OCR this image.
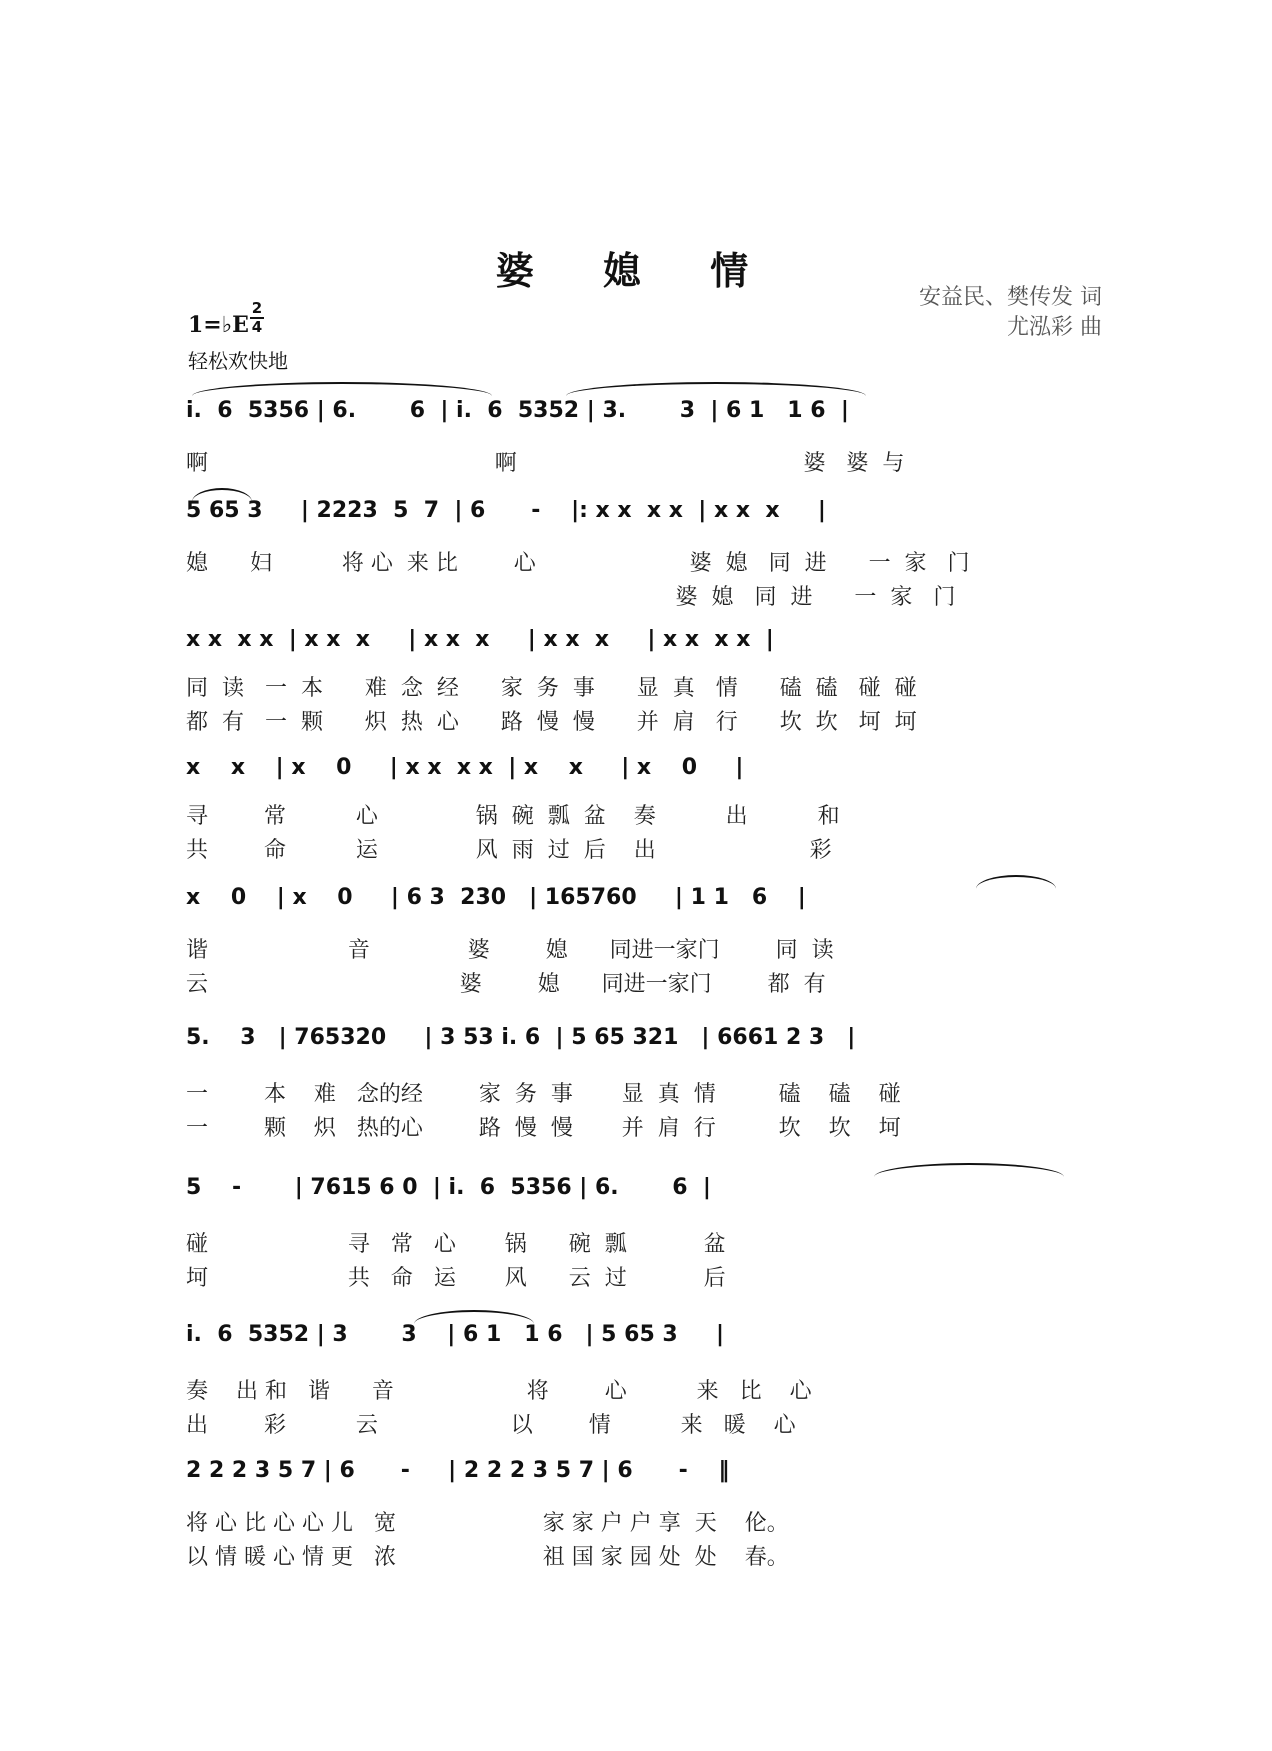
婆 媳 情
安益民、樊传发 词
尤泓彩 曲
1=♭E
2
4
轻松欢快地
i.  6  5356 | 6.       6  | i.  6  5352 | 3.       3  | 6 1   1 6  |
啊                                         啊                                         婆   婆  与
5 65 3     | 2223  5  7  | 6      -    |: x x  x x  | x x  x     |
媳      妇          将 心  来 比        心                      婆  媳   同  进      一  家   门
婆  媳   同  进      一  家   门
x x  x x  | x x  x     | x x  x     | x x  x     | x x  x x  |
同  读   一  本      难  念  经      家  务  事      显  真   情      磕  磕   碰  碰
都  有   一  颗      炽  热  心      路  慢  慢      并  肩   行      坎  坎   坷  坷
x    x    | x    0     | x x  x x  | x    x     | x    0     |
寻        常          心              锅  碗  瓢  盆    奏          出          和
共        命          运              风  雨  过  后    出                      彩
x    0    | x    0     | 6 3  230   | 165760     | 1 1   6    |
谐                    音              婆        媳      同进一家门        同  读
云                                    婆        媳      同进一家门        都  有
5.    3   | 765320     | 3 53 i. 6  | 5 65 321   | 6661 2 3   |
一        本    难   念的经        家  务  事       显  真  情         磕    磕    碰
一        颗    炽   热的心        路  慢  慢       并  肩  行         坎    坎    坷
5    -       | 7615 6 0  | i.  6  5356 | 6.       6  |
碰                    寻   常   心       锅      碗  瓢           盆
坷                    共   命   运       风      云  过           后
i.  6  5352 | 3       3    | 6 1   1 6   | 5 65 3     |
奏    出 和   谐      音                   将        心          来   比    心
出        彩          云                   以        情          来   暖    心
2 2 2 3 5 7 | 6      -     | 2 2 2 3 5 7 | 6      -    ‖
将 心 比 心 心 儿   宽                     家 家 户 户 享  天    伦。
以 情 暖 心 情 更   浓                     祖 国 家 园 处  处    春。
